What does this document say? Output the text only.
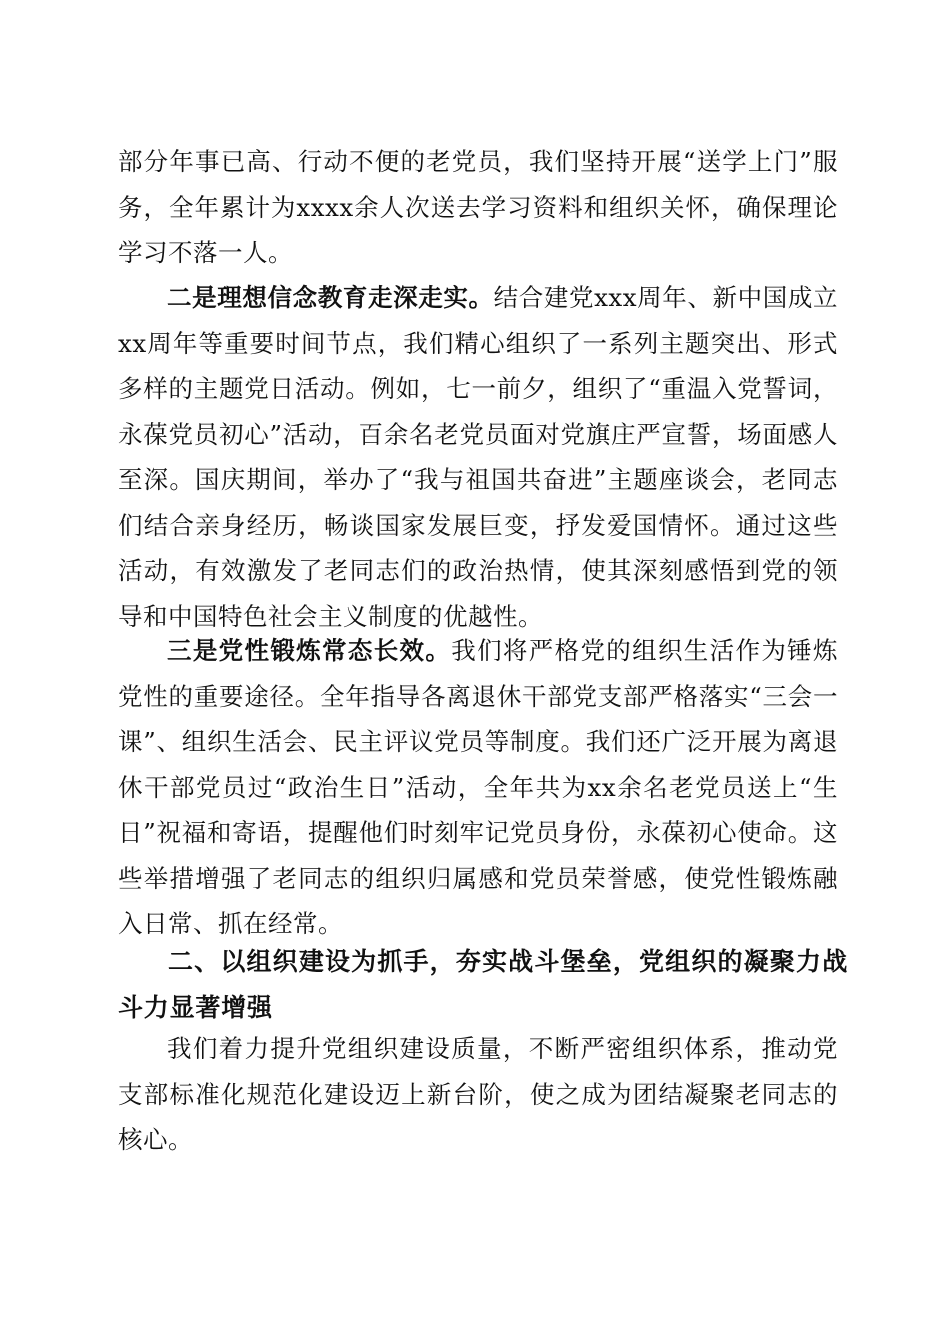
部分年事已高、行动不便的老党员，我们坚持开展“送学上门”服务，全年累计为xxxx余人次送去学习资料和组织关怀，确保理论学习不落一人。

二是理想信念教育走深走实。结合建党xxx周年、新中国成立xx周年等重要时间节点，我们精心组织了一系列主题突出、形式多样的主题党日活动。例如，七一前夕，组织了“重温入党誓词，永葆党员初心”活动，百余名老党员面对党旗庄严宣誓，场面感人至深。国庆期间，举办了“我与祖国共奋进”主题座谈会，老同志们结合亲身经历，畅谈国家发展巨变，抒发爱国情怀。通过这些活动，有效激发了老同志们的政治热情，使其深刻感悟到党的领导和中国特色社会主义制度的优越性。

三是党性锻炼常态长效。我们将严格党的组织生活作为锤炼党性的重要途径。全年指导各离退休干部党支部严格落实“三会一课”、组织生活会、民主评议党员等制度。我们还广泛开展为离退休干部党员过“政治生日”活动，全年共为xx余名老党员送上“生日”祝福和寄语，提醒他们时刻牢记党员身份，永葆初心使命。这些举措增强了老同志的组织归属感和党员荣誉感，使党性锻炼融入日常、抓在经常。

二、以组织建设为抓手，夯实战斗堡垒，党组织的凝聚力战斗力显著增强

我们着力提升党组织建设质量，不断严密组织体系，推动党支部标准化规范化建设迈上新台阶，使之成为团结凝聚老同志的核心。
